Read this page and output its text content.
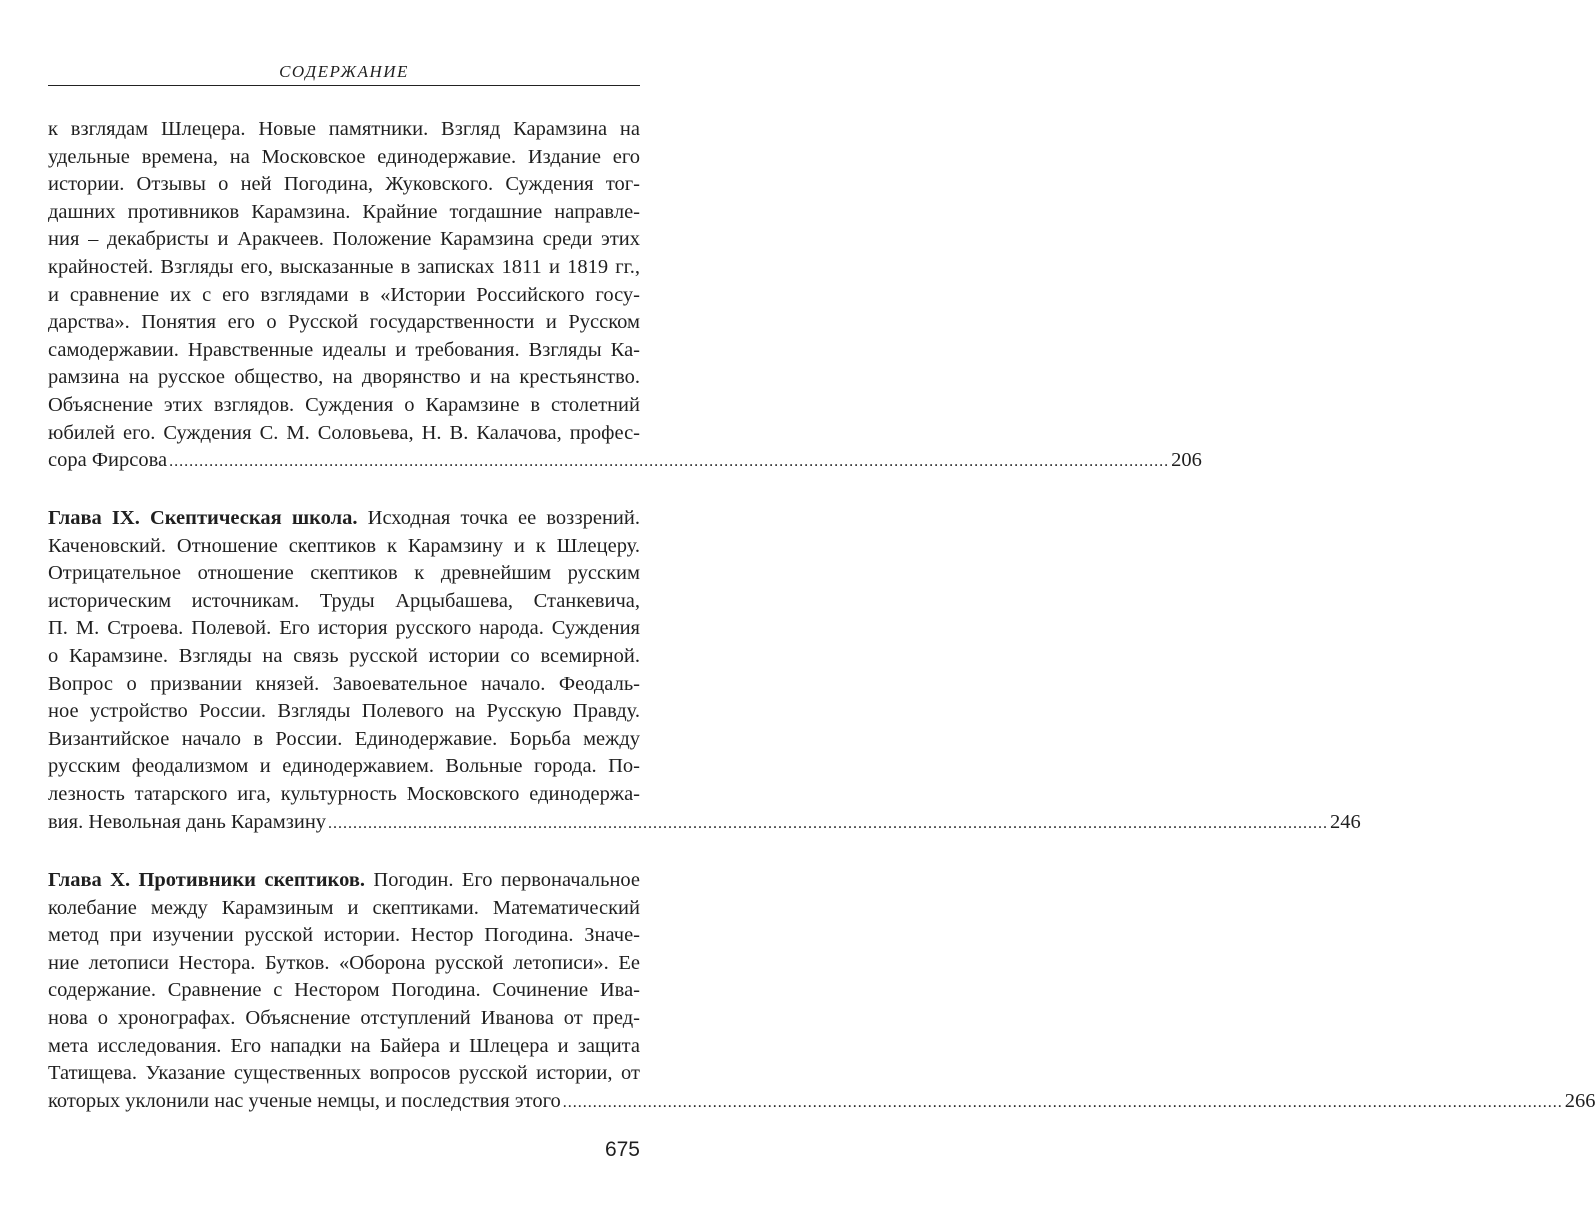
СОДЕРЖАНИЕ
к взглядам Шлецера. Новые памятники. Взгляд Карамзина на
удельные времена, на Московское единодержавие. Издание его
истории. Отзывы о ней Погодина, Жуковского. Суждения тог-
дашних противников Карамзина. Крайние тогдашние направле-
ния – декабристы и Аракчеев. Положение Карамзина среди этих
крайностей. Взгляды его, высказанные в записках 1811 и 1819 гг.,
и сравнение их с его взглядами в «Истории Российского госу-
дарства». Понятия его о Русской государственности и Русском
самодержавии. Нравственные идеалы и требования. Взгляды Ка-
рамзина на русское общество, на дворянство и на крестьянство.
Объяснение этих взглядов. Суждения о Карамзине в столетний
юбилей его. Суждения С. М. Соловьева, Н. В. Калачова, профес-
сора Фирсова ........................................................................................................................................................................................................ 206
Глава IX. Скептическая школа. Исходная точка ее воззрений.
Каченовский. Отношение скептиков к Карамзину и к Шлецеру.
Отрицательное отношение скептиков к древнейшим русским
историческим источникам. Труды Арцыбашева, Станкевича,
П. М. Строева. Полевой. Его история русского народа. Суждения
о Карамзине. Взгляды на связь русской истории со всемирной.
Вопрос о призвании князей. Завоевательное начало. Феодаль-
ное устройство России. Взгляды Полевого на Русскую Правду.
Византийское начало в России. Единодержавие. Борьба между
русским феодализмом и единодержавием. Вольные города. По-
лезность татарского ига, культурность Московского единодержа-
вия. Невольная дань Карамзину ........................................................................................................................................................................................................ 246
Глава X. Противники скептиков. Погодин. Его первоначальное
колебание между Карамзиным и скептиками. Математический
метод при изучении русской истории. Нестор Погодина. Значе-
ние летописи Нестора. Бутков. «Оборона русской летописи». Ее
содержание. Сравнение с Нестором Погодина. Сочинение Ива-
нова о хронографах. Объяснение отступлений Иванова от пред-
мета исследования. Его нападки на Байера и Шлецера и защита
Татищева. Указание существенных вопросов русской истории, от
которых уклонили нас ученые немцы, и последствия этого ........................................................................................................................................................................................................ 266
675
